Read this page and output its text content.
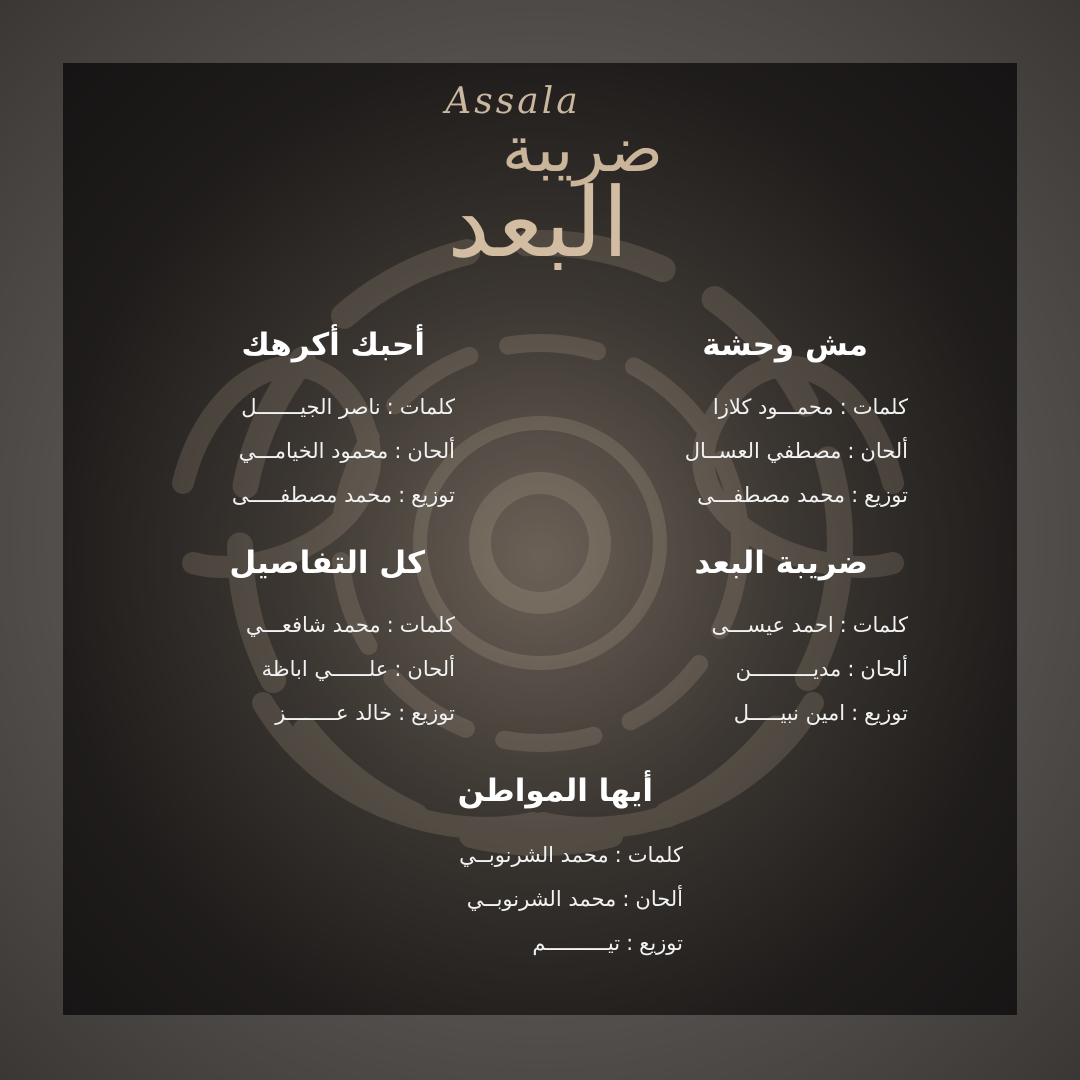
Assala
ضريبة
البعد
مش وحشة
كلمات:محمـــود كلازا
ألحان:مصطفي العســال
توزيع:محمد مصطفـــى
أحبك أكرهك
كلمات:ناصر الجيـــــــل
ألحان:محمود الخيامـــي
توزيع:محمد مصطفـــــى
ضريبة البعد
كلمات:احمد عيســـى
ألحان:مديــــــــــن
توزيع:امين نبيـــــل
كل التفاصيل
كلمات:محمد شافعـــي
ألحان:علــــــي اباظة
توزيع:خالد عــــــــز
أيها المواطن
كلمات:محمد الشرنوبــي
ألحان:محمد الشرنوبــي
توزيع:تيــــــــــم
